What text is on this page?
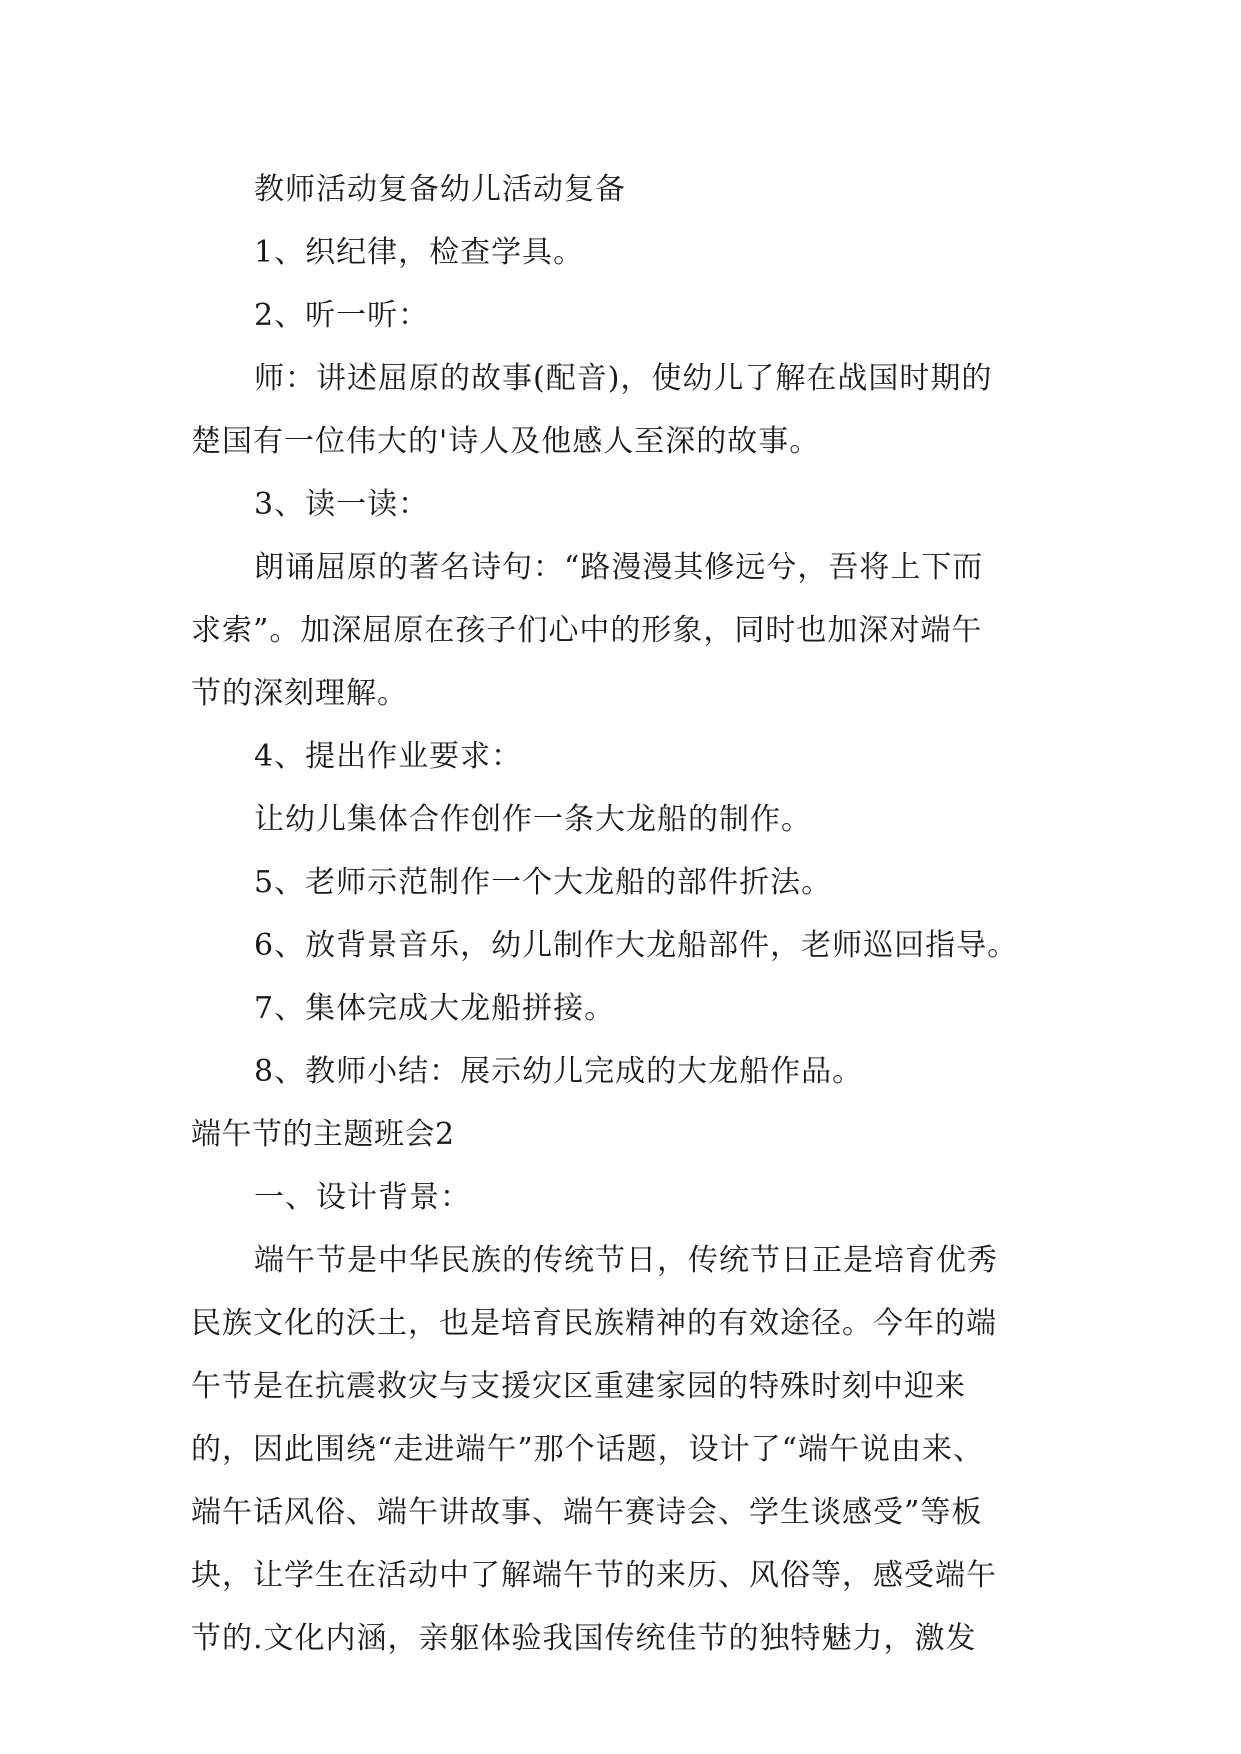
教师活动复备幼儿活动复备
1、织纪律，检查学具。
2、听一听：
师：讲述屈原的故事(配音)，使幼儿了解在战国时期的
楚国有一位伟大的'诗人及他感人至深的故事。
3、读一读：
朗诵屈原的著名诗句：“路漫漫其修远兮，吾将上下而
求索”。加深屈原在孩子们心中的形象，同时也加深对端午
节的深刻理解。
4、提出作业要求：
让幼儿集体合作创作一条大龙船的制作。
5、老师示范制作一个大龙船的部件折法。
6、放背景音乐，幼儿制作大龙船部件，老师巡回指导。
7、集体完成大龙船拼接。
8、教师小结：展示幼儿完成的大龙船作品。
端午节的主题班会2
一、设计背景：
端午节是中华民族的传统节日，传统节日正是培育优秀
民族文化的沃土，也是培育民族精神的有效途径。今年的端
午节是在抗震救灾与支援灾区重建家园的特殊时刻中迎来
的，因此围绕“走进端午”那个话题，设计了“端午说由来、
端午话风俗、端午讲故事、端午赛诗会、学生谈感受”等板
块，让学生在活动中了解端午节的来历、风俗等，感受端午
节的.文化内涵，亲躯体验我国传统佳节的独特魅力，激发
